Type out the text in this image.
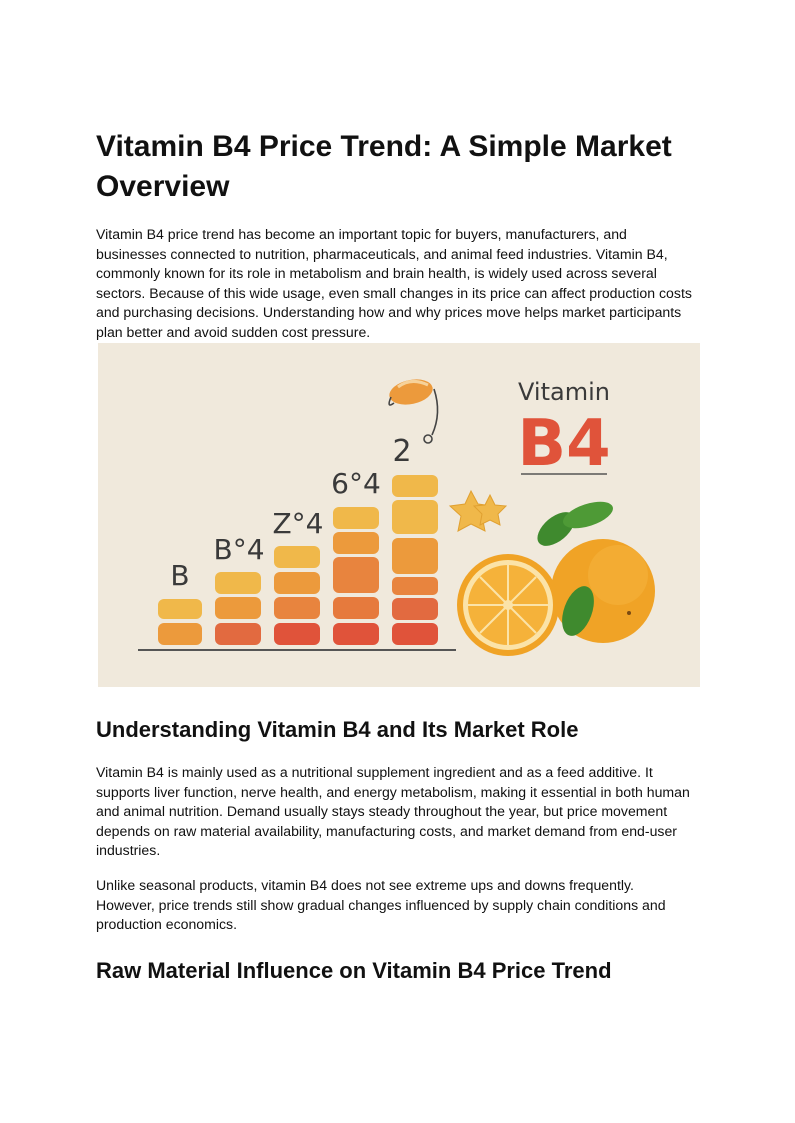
Vitamin B4 Price Trend: A Simple Market Overview

Vitamin B4 price trend has become an important topic for buyers, manufacturers, and businesses connected to nutrition, pharmaceuticals, and animal feed industries. Vitamin B4, commonly known for its role in metabolism and brain health, is widely used across several sectors. Because of this wide usage, even small changes in its price can affect production costs and purchasing decisions. Understanding how and why prices move helps market participants plan better and avoid sudden cost pressure.

Understanding Vitamin B4 and Its Market Role

Vitamin B4 is mainly used as a nutritional supplement ingredient and as a feed additive. It supports liver function, nerve health, and energy metabolism, making it essential in both human and animal nutrition. Demand usually stays steady throughout the year, but price movement depends on raw material availability, manufacturing costs, and market demand from end-user industries.

Unlike seasonal products, vitamin B4 does not see extreme ups and downs frequently. However, price trends still show gradual changes influenced by supply chain conditions and production economics.

Raw Material Influence on Vitamin B4 Price Trend
B
B°4
Z°4
6°4
2
Vitamin
B4
